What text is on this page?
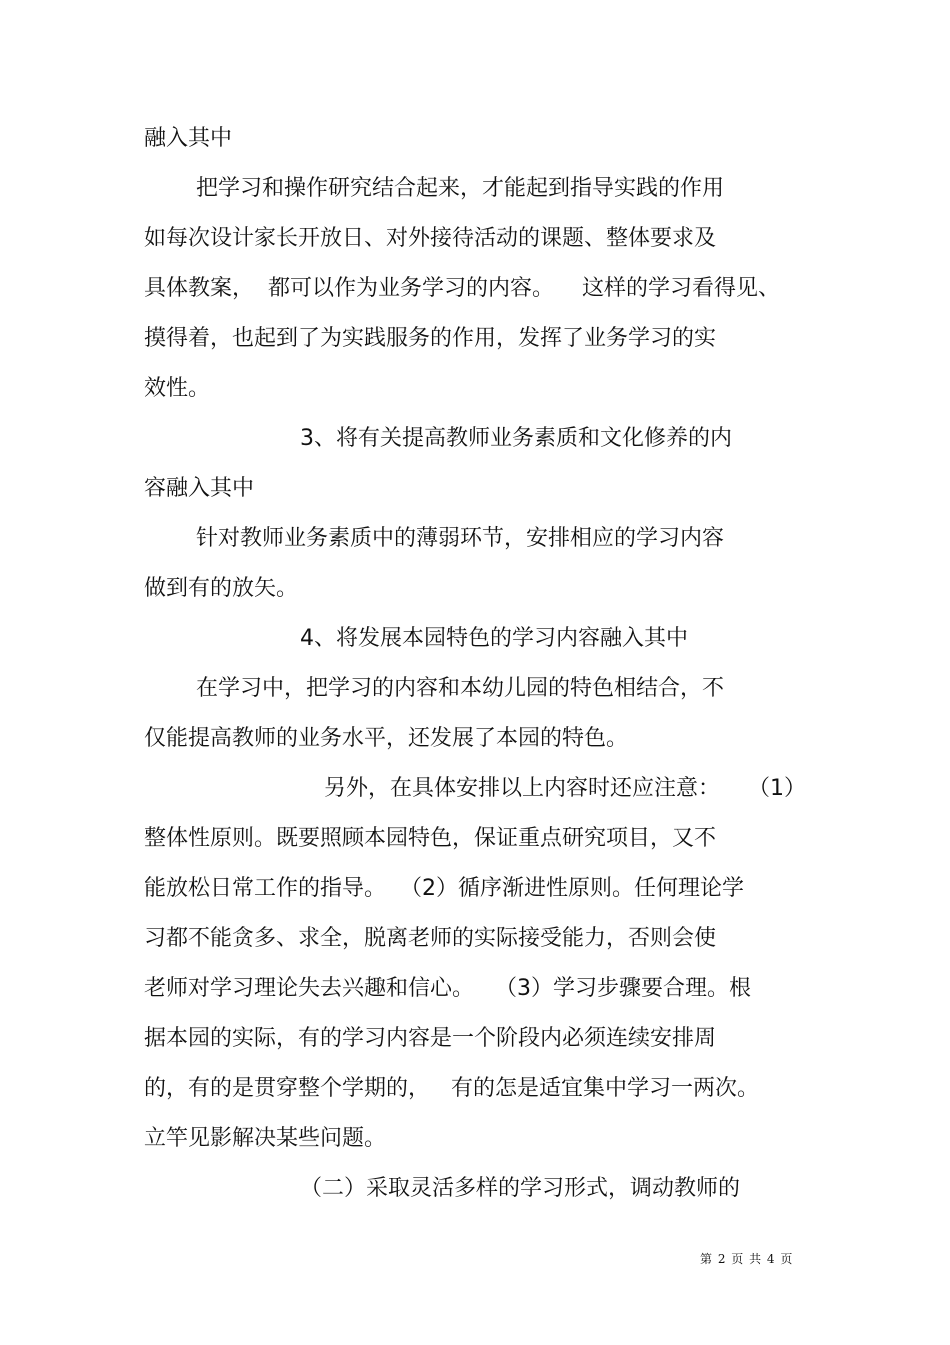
融入其中
把学习和操作研究结合起来，才能起到指导实践的作用
如每次设计家长开放日、对外接待活动的课题、整体要求及
具体教案，  都可以作为业务学习的内容。    这样的学习看得见、
摸得着，也起到了为实践服务的作用，发挥了业务学习的实
效性。
3、将有关提高教师业务素质和文化修养的内
容融入其中
针对教师业务素质中的薄弱环节，安排相应的学习内容
做到有的放矢。
4、将发展本园特色的学习内容融入其中
在学习中，把学习的内容和本幼儿园的特色相结合，不
仅能提高教师的业务水平，还发展了本园的特色。
另外，在具体安排以上内容时还应注意：    （1）
整体性原则。既要照顾本园特色，保证重点研究项目，又不
能放松日常工作的指导。  （2）循序渐进性原则。任何理论学
习都不能贪多、求全，脱离老师的实际接受能力，否则会使
老师对学习理论失去兴趣和信心。   （3）学习步骤要合理。根
据本园的实际，有的学习内容是一个阶段内必须连续安排周
的，有的是贯穿整个学期的，   有的怎是适宜集中学习一两次。
立竿见影解决某些问题。
（二）采取灵活多样的学习形式，调动教师的
第 2 页 共 4 页
